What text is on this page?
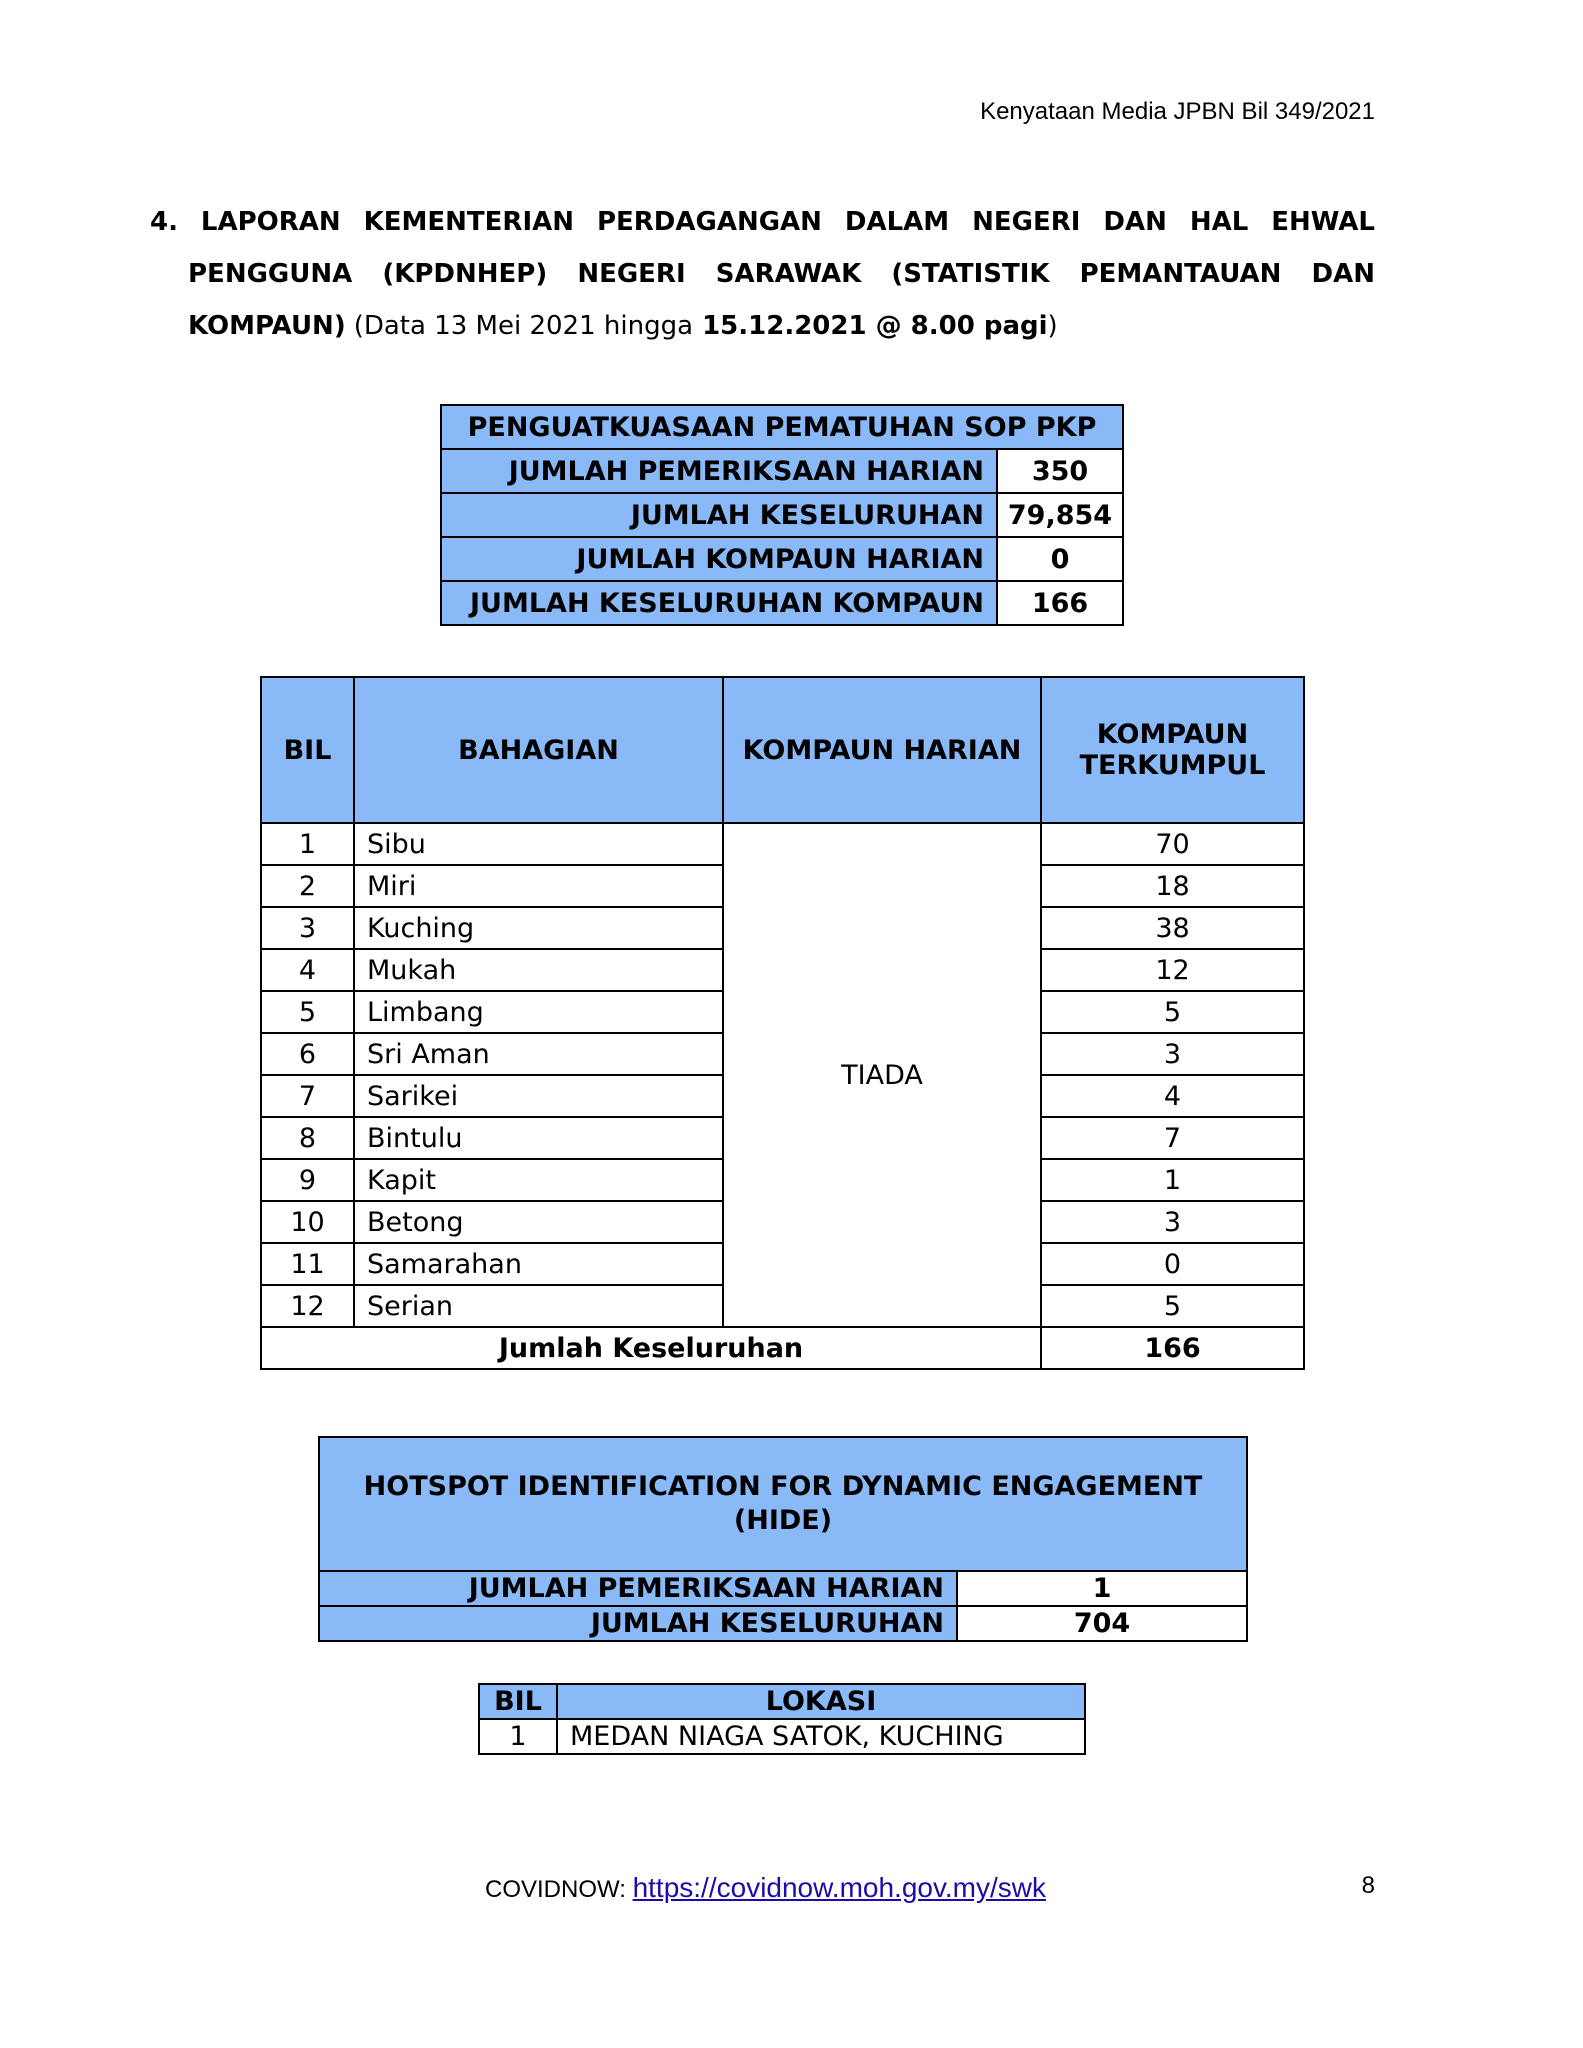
Kenyataan Media JPBN Bil 349/2021
4. LAPORAN KEMENTERIAN PERDAGANGAN DALAM NEGERI DAN HAL EHWAL
PENGGUNA (KPDNHEP) NEGERI SARAWAK (STATISTIK PEMANTAUAN DAN
KOMPAUN) (Data 13 Mei 2021 hingga 15.12.2021 @ 8.00 pagi)
PENGUATKUASAAN PEMATUHAN SOP PKP	
JUMLAH PEMERIKSAAN HARIAN	350
JUMLAH KESELURUHAN	79,854
JUMLAH KOMPAUN HARIAN	0
JUMLAH KESELURUHAN KOMPAUN	166
BIL	BAHAGIAN	KOMPAUN HARIAN	KOMPAUN
TERKUMPUL

1	Sibu	TIADA	70
2	Miri		18
3	Kuching		38
4	Mukah		12
5	Limbang		5
6	Sri Aman		3
7	Sarikei		4
8	Bintulu		7
9	Kapit		1
10	Betong		3
11	Samarahan		0
12	Serian		5
Jumlah Keseluruhan			166
HOTSPOT IDENTIFICATION FOR DYNAMIC ENGAGEMENT
(HIDE)	

JUMLAH PEMERIKSAAN HARIAN	1
JUMLAH KESELURUHAN	704
BIL	LOKASI
1	MEDAN NIAGA SATOK, KUCHING
COVIDNOW: https://covidnow.moh.gov.my/swk	8
